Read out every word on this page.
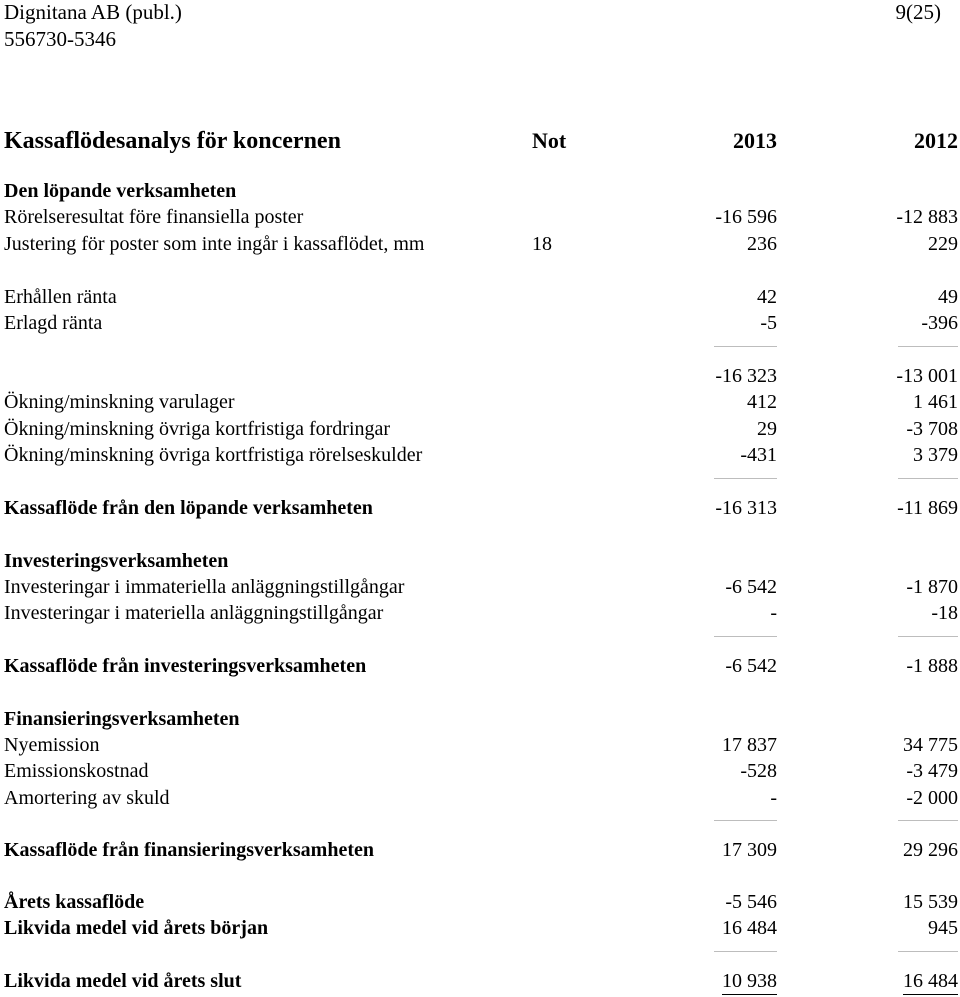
Dignitana AB (publ.)
556730-5346
9(25)
Kassaflödesanalys för koncernen	Not	2013	2012
Den löpande verksamheten
Rörelseresultat före finansiella poster	-16 596	-12 883
Justering för poster som inte ingår i kassaflödet, mm	18	236	229
Erhållen ränta	42	49
Erlagd ränta	-5	-396
-16 323	-13 001
Ökning/minskning varulager	412	1 461
Ökning/minskning övriga kortfristiga fordringar	29	-3 708
Ökning/minskning övriga kortfristiga rörelseskulder	-431	3 379
Kassaflöde från den löpande verksamheten	-16 313	-11 869
Investeringsverksamheten
Investeringar i immateriella anläggningstillgångar	-6 542	-1 870
Investeringar i materiella anläggningstillgångar	-	-18
Kassaflöde från investeringsverksamheten	-6 542	-1 888
Finansieringsverksamheten
Nyemission	17 837	34 775
Emissionskostnad	-528	-3 479
Amortering av skuld	-	-2 000
Kassaflöde från finansieringsverksamheten	17 309	29 296
Årets kassaflöde	-5 546	15 539
Likvida medel vid årets början	16 484	945
Likvida medel vid årets slut	10 938	16 484
